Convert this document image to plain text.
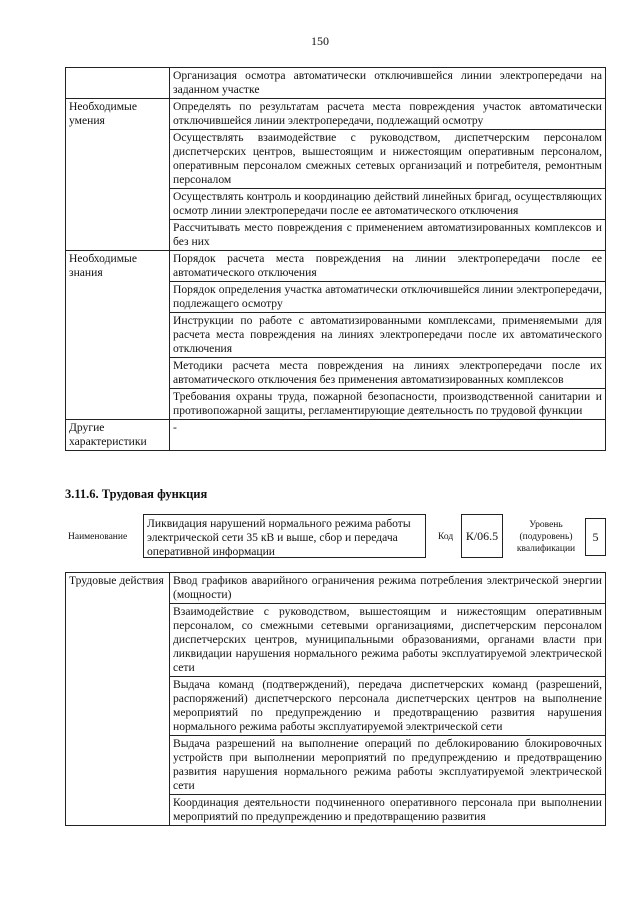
150
	Организация осмотра автоматически отключившейся линии электропередачи на заданном участке
Необходимые умения	Определять по результатам расчета места повреждения участок автоматически отключившейся линии электропередачи, подлежащий осмотру
	Осуществлять взаимодействие с руководством, диспетчерским персоналом диспетчерских центров, вышестоящим и нижестоящим оперативным персоналом, оперативным персоналом смежных сетевых организаций и потребителя, ремонтным персоналом
	Осуществлять контроль и координацию действий линейных бригад, осуществляющих осмотр линии электропередачи после ее автоматического отключения
	Рассчитывать место повреждения с применением автоматизированных комплексов и без них
Необходимые знания	Порядок расчета места повреждения на линии электропередачи после ее автоматического отключения
	Порядок определения участка автоматически отключившейся линии электропередачи, подлежащего осмотру
	Инструкции по работе с автоматизированными комплексами, применяемыми для расчета места повреждения на линиях электропередачи после их автоматического отключения
	Методики расчета места повреждения на линиях электропередачи после их автоматического отключения без применения автоматизированных комплексов
	Требования охраны труда, пожарной безопасности, производственной санитарии и противопожарной защиты, регламентирующие деятельность по трудовой функции
Другие характеристики	-
3.11.6. Трудовая функция
Наименование
Ликвидация нарушений нормального режима работы электрической сети 35 кВ и выше, сбор и передача оперативной информации
Код	К/06.5
Уровень (подуровень) квалификации
5
Трудовые действия	Ввод графиков аварийного ограничения режима потребления электрической энергии (мощности)
Взаимодействие с руководством, вышестоящим и нижестоящим оперативным персоналом, со смежными сетевыми организациями, диспетчерским персоналом диспетчерских центров, муниципальными образованиями, органами власти при ликвидации нарушения нормального режима работы эксплуатируемой электрической сети
Выдача команд (подтверждений), передача диспетчерских команд (разрешений, распоряжений) диспетчерского персонала диспетчерских центров на выполнение мероприятий по предупреждению и предотвращению развития нарушения нормального режима работы эксплуатируемой электрической сети
Выдача разрешений на выполнение операций по деблокированию блокировочных устройств при выполнении мероприятий по предупреждению и предотвращению развития нарушения нормального режима работы эксплуатируемой электрической сети
Координация деятельности подчиненного оперативного персонала при выполнении мероприятий по предупреждению и предотвращению развития
